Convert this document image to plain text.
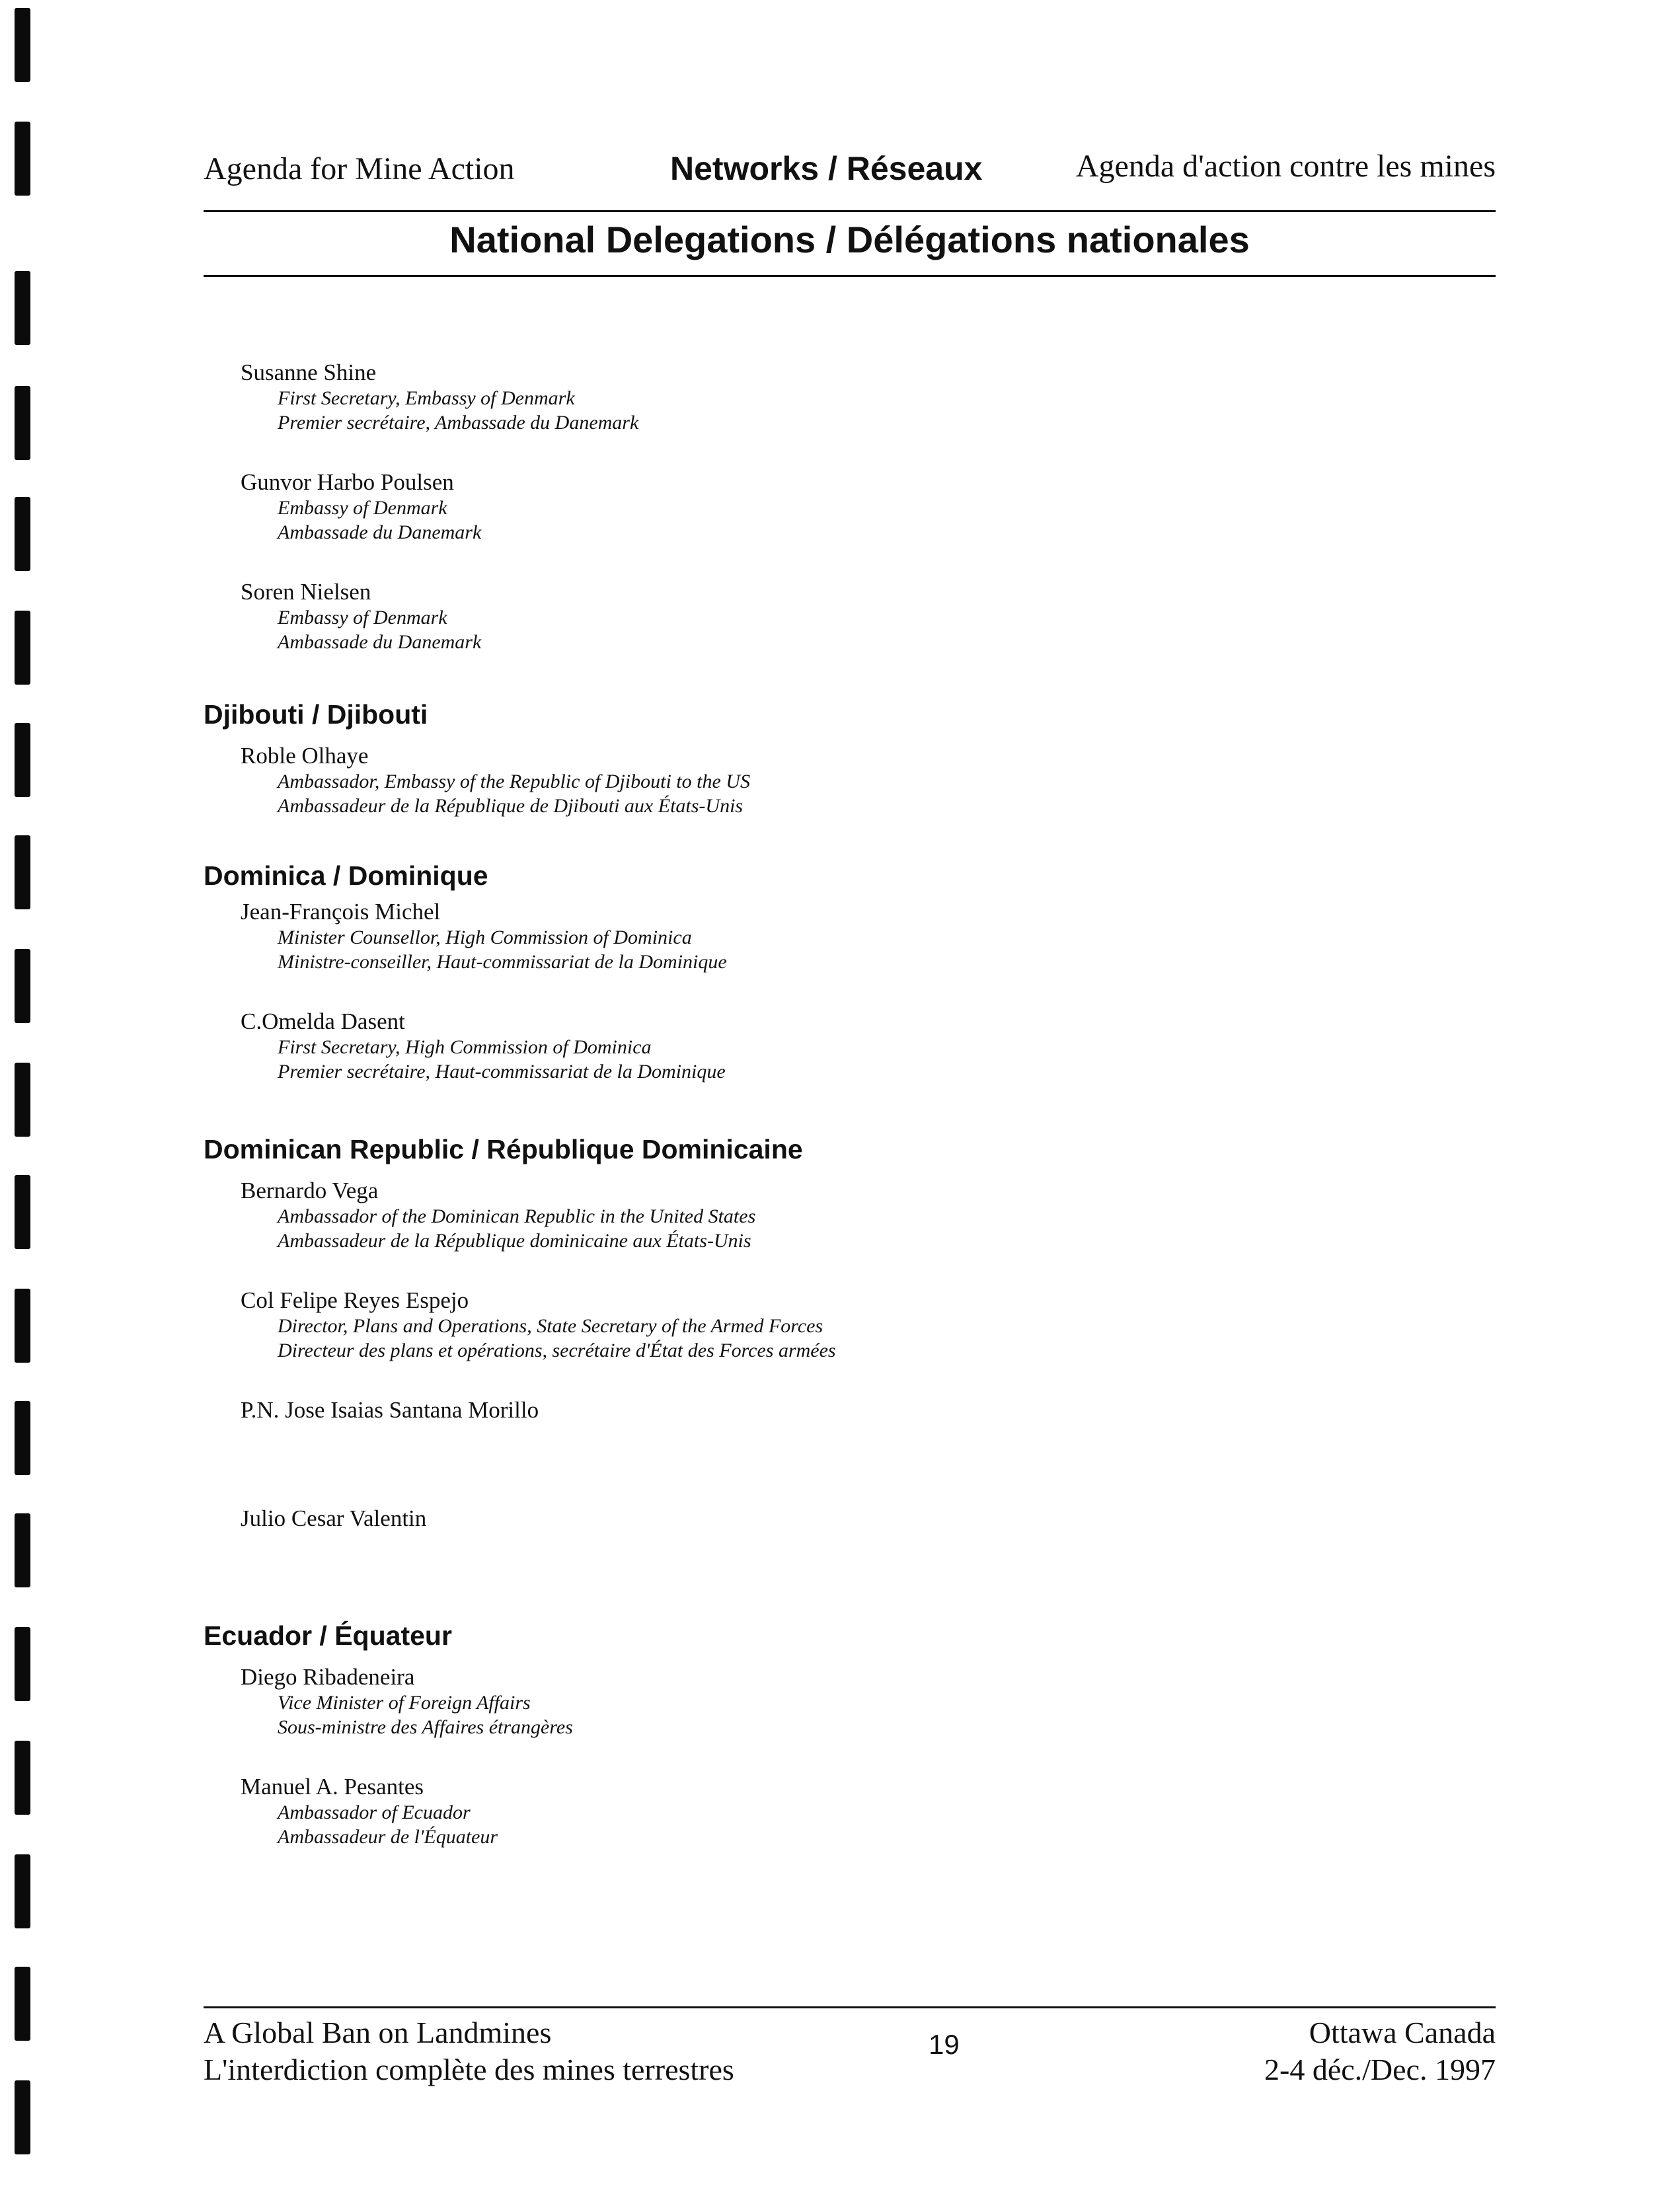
Agenda for Mine Action	Networks / Réseaux	Agenda d'action contre les mines
National Delegations / Délégations nationales
Susanne Shine
First Secretary, Embassy of Denmark
Premier secrétaire, Ambassade du Danemark
Gunvor Harbo Poulsen
Embassy of Denmark
Ambassade du Danemark
Soren Nielsen
Embassy of Denmark
Ambassade du Danemark
Djibouti / Djibouti
Roble Olhaye
Ambassador, Embassy of the Republic of Djibouti to the US
Ambassadeur de la République de Djibouti aux États-Unis
Dominica / Dominique
Jean-François Michel
Minister Counsellor, High Commission of Dominica
Ministre-conseiller, Haut-commissariat de la Dominique
C.Omelda Dasent
First Secretary, High Commission of Dominica
Premier secrétaire, Haut-commissariat de la Dominique
Dominican Republic / République Dominicaine
Bernardo Vega
Ambassador of the Dominican Republic in the United States
Ambassadeur de la République dominicaine aux États-Unis
Col Felipe Reyes Espejo
Director, Plans and Operations, State Secretary of the Armed Forces
Directeur des plans et opérations, secrétaire d'État des Forces armées
P.N. Jose Isaias Santana Morillo
Julio Cesar Valentin
Ecuador / Équateur
Diego Ribadeneira
Vice Minister of Foreign Affairs
Sous-ministre des Affaires étrangères
Manuel A. Pesantes
Ambassador of Ecuador
Ambassadeur de l'Équateur
A Global Ban on Landmines
L'interdiction complète des mines terrestres
19	Ottawa Canada
2-4 déc./Dec. 1997
